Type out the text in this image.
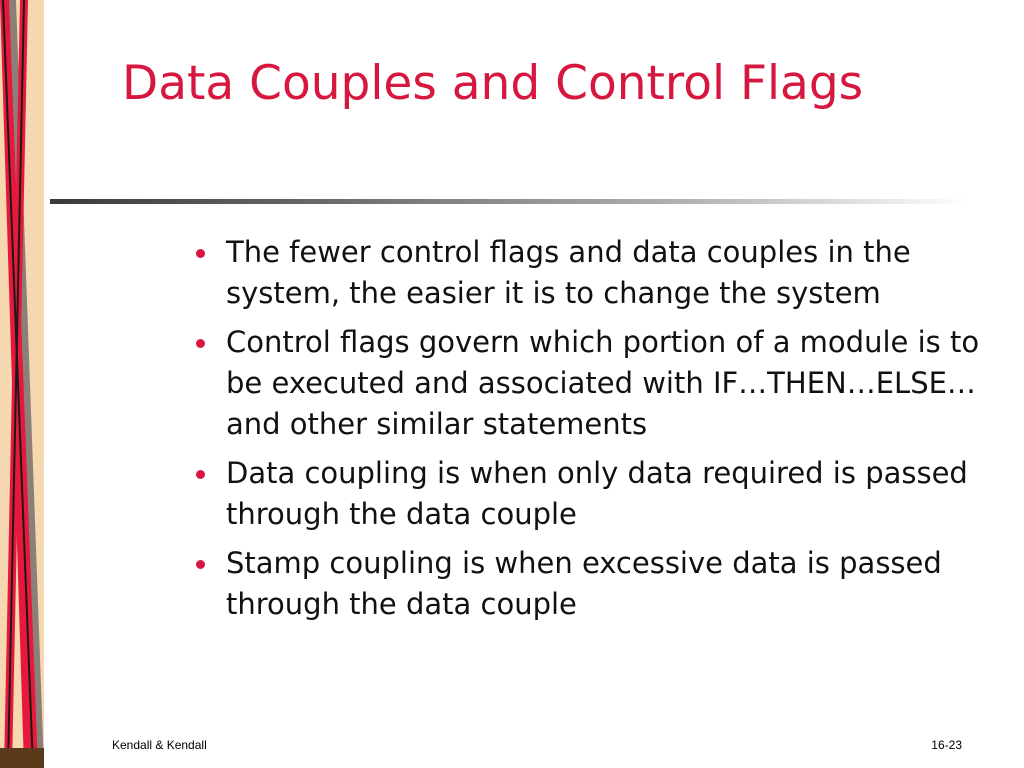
Data Couples and Control Flags
The fewer control flags and data couples in the system, the easier it is to change the system
Control flags govern which portion of a module is to be executed and associated with IF…THEN…ELSE…and other similar statements
Data coupling is when only data required is passed through the data couple
Stamp coupling is when excessive data is passed through the data couple
Kendall & Kendall	16-23
